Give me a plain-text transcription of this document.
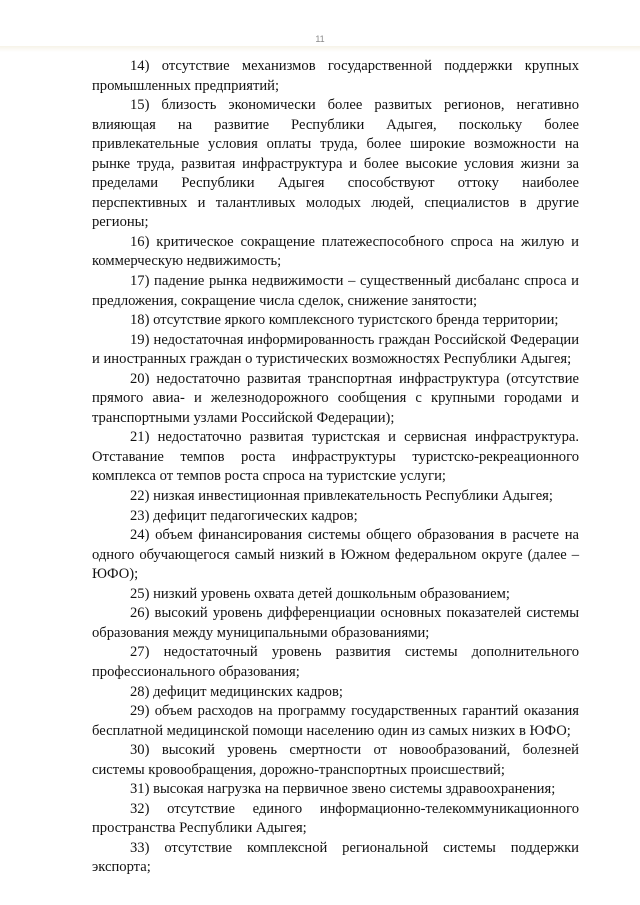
11

14) отсутствие механизмов государственной поддержки крупных промышленных предприятий;

15) близость экономически более развитых регионов, негативно влияющая на развитие Республики Адыгея, поскольку более привлекательные условия оплаты труда, более широкие возможности на рынке труда, развитая инфраструктура и более высокие условия жизни за пределами Республики Адыгея способствуют оттоку наиболее перспективных и талантливых молодых людей, специалистов в другие регионы;

16) критическое сокращение платежеспособного спроса на жилую и коммерческую недвижимость;

17) падение рынка недвижимости – существенный дисбаланс спроса и предложения, сокращение числа сделок, снижение занятости;

18) отсутствие яркого комплексного туристского бренда территории;

19) недостаточная информированность граждан Российской Федерации и иностранных граждан о туристических возможностях Республики Адыгея;

20) недостаточно развитая транспортная инфраструктура (отсутствие прямого авиа- и железнодорожного сообщения с крупными городами и транспортными узлами Российской Федерации);

21) недостаточно развитая туристская и сервисная инфраструктура. Отставание темпов роста инфраструктуры туристско-рекреационного комплекса от темпов роста спроса на туристские услуги;

22) низкая инвестиционная привлекательность Республики Адыгея;

23) дефицит педагогических кадров;

24) объем финансирования системы общего образования в расчете на одного обучающегося самый низкий в Южном федеральном округе (далее – ЮФО);

25) низкий уровень охвата детей дошкольным образованием;

26) высокий уровень дифференциации основных показателей системы образования между муниципальными образованиями;

27) недостаточный уровень развития системы дополнительного профессионального образования;

28) дефицит медицинских кадров;

29) объем расходов на программу государственных гарантий оказания бесплатной медицинской помощи населению один из самых низких в ЮФО;

30) высокий уровень смертности от новообразований, болезней системы кровообращения, дорожно-транспортных происшествий;

31) высокая нагрузка на первичное звено системы здравоохранения;

32) отсутствие единого информационно-телекоммуникационного пространства Республики Адыгея;

33) отсутствие комплексной региональной системы поддержки экспорта;
